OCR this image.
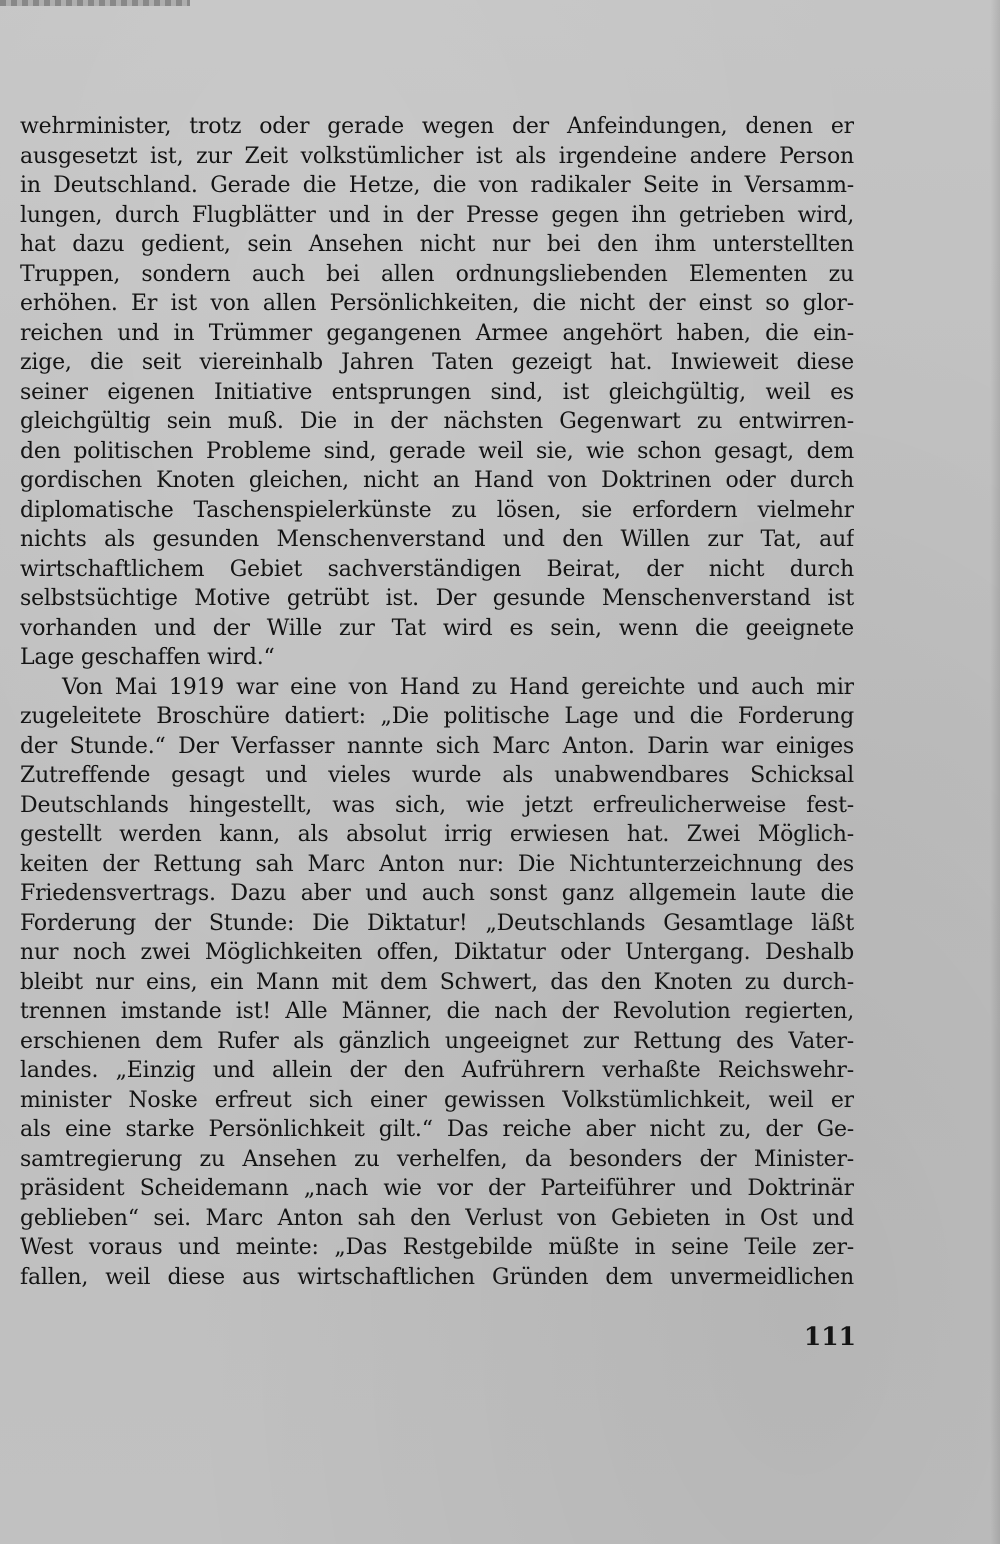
wehrminister, trotz oder gerade wegen der Anfeindungen, denen er
ausgesetzt ist, zur Zeit volkstümlicher ist als irgendeine andere Person
in Deutschland. Gerade die Hetze, die von radikaler Seite in Versamm-
lungen, durch Flugblätter und in der Presse gegen ihn getrieben wird,
hat dazu gedient, sein Ansehen nicht nur bei den ihm unterstellten
Truppen, sondern auch bei allen ordnungsliebenden Elementen zu
erhöhen. Er ist von allen Persönlichkeiten, die nicht der einst so glor-
reichen und in Trümmer gegangenen Armee angehört haben, die ein-
zige, die seit viereinhalb Jahren Taten gezeigt hat. Inwieweit diese
seiner eigenen Initiative entsprungen sind, ist gleichgültig, weil es
gleichgültig sein muß. Die in der nächsten Gegenwart zu entwirren-
den politischen Probleme sind, gerade weil sie, wie schon gesagt, dem
gordischen Knoten gleichen, nicht an Hand von Doktrinen oder durch
diplomatische Taschenspielerkünste zu lösen, sie erfordern vielmehr
nichts als gesunden Menschenverstand und den Willen zur Tat, auf
wirtschaftlichem Gebiet sachverständigen Beirat, der nicht durch
selbstsüchtige Motive getrübt ist. Der gesunde Menschenverstand ist
vorhanden und der Wille zur Tat wird es sein, wenn die geeignete
Lage geschaffen wird.“
Von Mai 1919 war eine von Hand zu Hand gereichte und auch mir
zugeleitete Broschüre datiert: „Die politische Lage und die Forderung
der Stunde.“ Der Verfasser nannte sich Marc Anton. Darin war einiges
Zutreffende gesagt und vieles wurde als unabwendbares Schicksal
Deutschlands hingestellt, was sich, wie jetzt erfreulicherweise fest-
gestellt werden kann, als absolut irrig erwiesen hat. Zwei Möglich-
keiten der Rettung sah Marc Anton nur: Die Nichtunterzeichnung des
Friedensvertrags. Dazu aber und auch sonst ganz allgemein laute die
Forderung der Stunde: Die Diktatur! „Deutschlands Gesamtlage läßt
nur noch zwei Möglichkeiten offen, Diktatur oder Untergang. Deshalb
bleibt nur eins, ein Mann mit dem Schwert, das den Knoten zu durch-
trennen imstande ist! Alle Männer, die nach der Revolution regierten,
erschienen dem Rufer als gänzlich ungeeignet zur Rettung des Vater-
landes. „Einzig und allein der den Aufrührern verhaßte Reichswehr-
minister Noske erfreut sich einer gewissen Volkstümlichkeit, weil er
als eine starke Persönlichkeit gilt.“ Das reiche aber nicht zu, der Ge-
samtregierung zu Ansehen zu verhelfen, da besonders der Minister-
präsident Scheidemann „nach wie vor der Parteiführer und Doktrinär
geblieben“ sei. Marc Anton sah den Verlust von Gebieten in Ost und
West voraus und meinte: „Das Restgebilde müßte in seine Teile zer-
fallen, weil diese aus wirtschaftlichen Gründen dem unvermeidlichen
111
